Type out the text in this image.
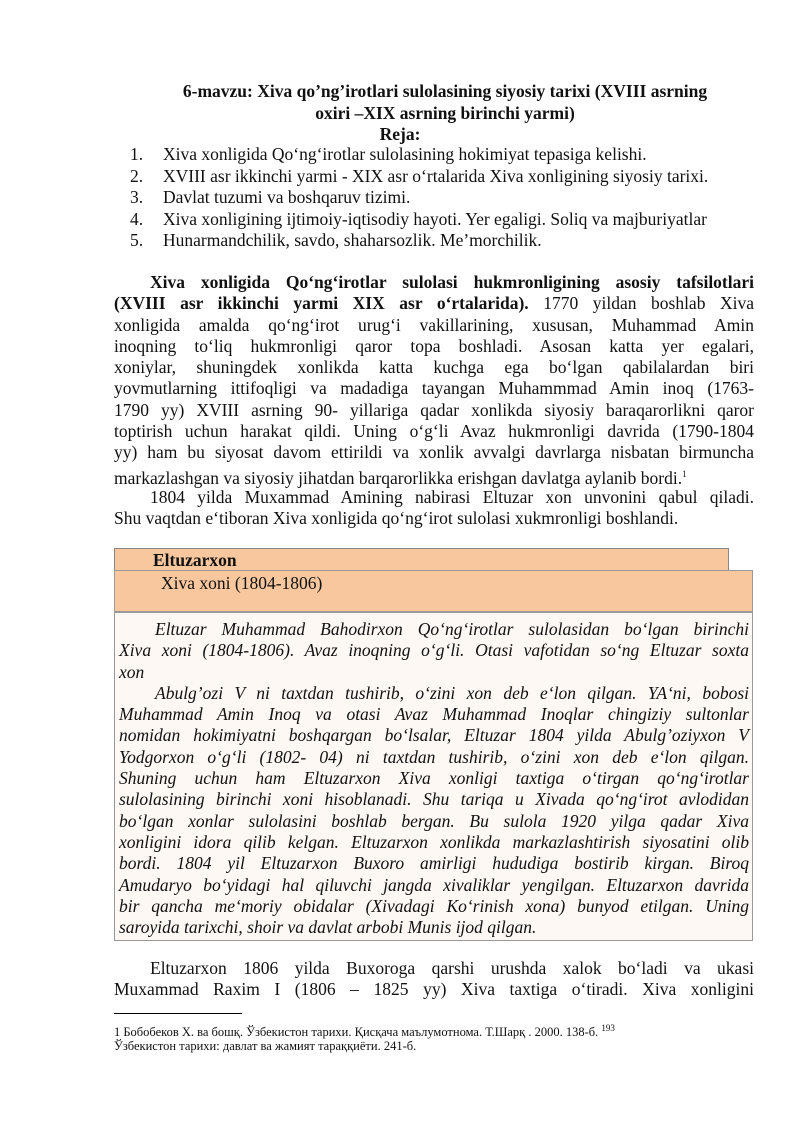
6-mavzu: Xiva qo’ng’irotlari sulolasining siyosiy tarixi (XVIII asrning
oxiri –XIX asrning birinchi yarmi)
Reja:
1. Xiva xonligida Qoʻngʻirotlar sulolasining hokimiyat tepasiga kelishi.
2. XVIII asr ikkinchi yarmi - XIX asr oʻrtalarida Xiva xonligining siyosiy tarixi.
3. Davlat tuzumi va boshqaruv tizimi.
4. Xiva xonligining ijtimoiy-iqtisodiy hayoti. Yer egaligi. Soliq va majburiyatlar
5. Hunarmandchilik, savdo, shaharsozlik. Me’morchilik.
Xiva xonligida Qoʻngʻirotlar sulolasi hukmronligining asosiy tafsilotlari
(XVIII asr ikkinchi yarmi XIX asr oʻrtalarida). 1770 yildan boshlab Xiva
xonligida amalda qoʻngʻirot urugʻi vakillarining, xususan, Muhammad Amin
inoqning toʻliq hukmronligi qaror topa boshladi. Asosan katta yer egalari,
xoniylar, shuningdek xonlikda katta kuchga ega boʻlgan qabilalardan biri
yovmutlarning ittifoqligi va madadiga tayangan Muhammmad Amin inoq (1763-
1790 yy) XVIII asrning 90- yillariga qadar xonlikda siyosiy baraqarorlikni qaror
toptirish uchun harakat qildi. Uning oʻgʻli Avaz hukmronligi davrida (1790-1804
yy) ham bu siyosat davom ettirildi va xonlik avvalgi davrlarga nisbatan birmuncha
markazlashgan va siyosiy jihatdan barqarorlikka erishgan davlatga aylanib bordi.$^1$
1804 yilda Muxammad Amining nabirasi Eltuzar xon unvonini qabul qiladi.
Shu vaqtdan eʻtiboran Xiva xonligida qoʻngʻirot sulolasi xukmronligi boshlandi.
Eltuzarxon
Xiva xoni (1804-1806)
Eltuzar Muhammad Bahodirxon Qoʻngʻirotlar sulolasidan boʻlgan birinchi
Xiva xoni (1804-1806). Avaz inoqning oʻgʻli. Otasi vafotidan soʻng Eltuzar soxta
xon
Abulgʼozi V ni taxtdan tushirib, oʻzini xon deb eʻlon qilgan. YAʻni, bobosi
Muhammad Amin Inoq va otasi Avaz Muhammad Inoqlar chingiziy sultonlar
nomidan hokimiyatni boshqargan boʻlsalar, Eltuzar 1804 yilda Abulg’oziyxon V
Yodgorxon oʻgʻli (1802- 04) ni taxtdan tushirib, oʻzini xon deb eʻlon qilgan.
Shuning uchun ham Eltuzarxon Xiva xonligi taxtiga oʻtirgan qoʻngʻirotlar
sulolasining birinchi xoni hisoblanadi. Shu tariqa u Xivada qoʻngʻirot avlodidan
boʻlgan xonlar sulolasini boshlab bergan. Bu sulola 1920 yilga qadar Xiva
xonligini idora qilib kelgan. Eltuzarxon xonlikda markazlashtirish siyosatini olib
bordi. 1804 yil Eltuzarxon Buxoro amirligi hududiga bostirib kirgan. Biroq
Amudaryo boʻyidagi hal qiluvchi jangda xivaliklar yengilgan. Eltuzarxon davrida
bir qancha meʻmoriy obidalar (Xivadagi Koʻrinish xona) bunyod etilgan. Uning
saroyida tarixchi, shoir va davlat arbobi Munis ijod qilgan.
Eltuzarxon 1806 yilda Buxoroga qarshi urushda xalok boʻladi va ukasi
Muxammad Raxim I (1806 – 1825 yy) Xiva taxtiga oʻtiradi. Xiva xonligini
1 Бобобеков Х. ва бошқ. Ўзбекистон тарихи. Қисқача маълумотнома. Т.Шарқ . 2000. 138-б. $^{193}$
Ўзбекистон тарихи: давлат ва жамият тараққиёти. 241-б.
